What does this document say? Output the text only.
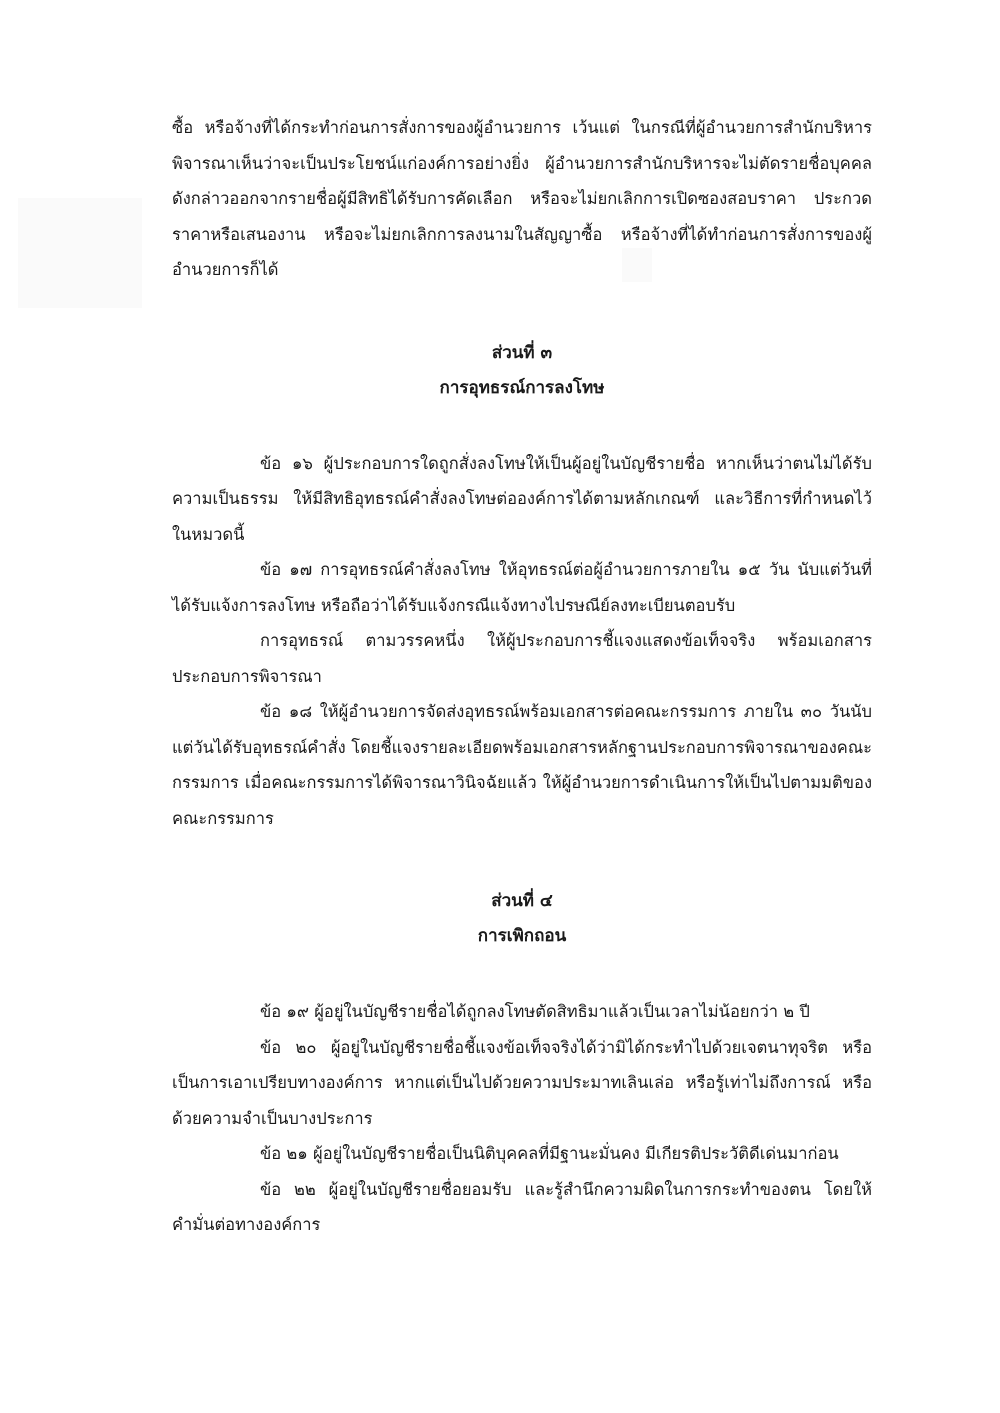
ซื้อ หรือจ้างที่ได้กระทำก่อนการสั่งการของผู้อำนวยการ เว้นแต่ ในกรณีที่ผู้อำนวยการสำนักบริหารพิจารณาเห็นว่าจะเป็นประโยชน์แก่องค์การอย่างยิ่ง ผู้อำนวยการสำนักบริหารจะไม่ตัดรายชื่อบุคคลดังกล่าวออกจากรายชื่อผู้มีสิทธิได้รับการคัดเลือก หรือจะไม่ยกเลิกการเปิดซองสอบราคา ประกวดราคาหรือเสนองาน หรือจะไม่ยกเลิกการลงนามในสัญญาซื้อ หรือจ้างที่ได้ทำก่อนการสั่งการของผู้อำนวยการก็ได้

ส่วนที่ ๓

การอุทธรณ์การลงโทษ

ข้อ ๑๖ ผู้ประกอบการใดถูกสั่งลงโทษให้เป็นผู้อยู่ในบัญชีรายชื่อ หากเห็นว่าตนไม่ได้รับความเป็นธรรม ให้มีสิทธิอุทธรณ์คำสั่งลงโทษต่อองค์การได้ตามหลักเกณฑ์ และวิธีการที่กำหนดไว้ในหมวดนี้

ข้อ ๑๗ การอุทธรณ์คำสั่งลงโทษ ให้อุทธรณ์ต่อผู้อำนวยการภายใน ๑๕ วัน นับแต่วันที่ได้รับแจ้งการลงโทษ หรือถือว่าได้รับแจ้งกรณีแจ้งทางไปรษณีย์ลงทะเบียนตอบรับ

การอุทธรณ์ ตามวรรคหนึ่ง ให้ผู้ประกอบการชี้แจงแสดงข้อเท็จจริง พร้อมเอกสารประกอบการพิจารณา

ข้อ ๑๘ ให้ผู้อำนวยการจัดส่งอุทธรณ์พร้อมเอกสารต่อคณะกรรมการ ภายใน ๓๐ วันนับแต่วันได้รับอุทธรณ์คำสั่ง โดยชี้แจงรายละเอียดพร้อมเอกสารหลักฐานประกอบการพิจารณาของคณะกรรมการ เมื่อคณะกรรมการได้พิจารณาวินิจฉัยแล้ว ให้ผู้อำนวยการดำเนินการให้เป็นไปตามมติของคณะกรรมการ

ส่วนที่ ๔

การเพิกถอน

ข้อ ๑๙ ผู้อยู่ในบัญชีรายชื่อได้ถูกลงโทษตัดสิทธิมาแล้วเป็นเวลาไม่น้อยกว่า ๒ ปี

ข้อ ๒๐ ผู้อยู่ในบัญชีรายชื่อชี้แจงข้อเท็จจริงได้ว่ามิได้กระทำไปด้วยเจตนาทุจริต หรือเป็นการเอาเปรียบทางองค์การ หากแต่เป็นไปด้วยความประมาทเลินเล่อ หรือรู้เท่าไม่ถึงการณ์ หรือด้วยความจำเป็นบางประการ

ข้อ ๒๑ ผู้อยู่ในบัญชีรายชื่อเป็นนิติบุคคลที่มีฐานะมั่นคง มีเกียรติประวัติดีเด่นมาก่อน

ข้อ ๒๒ ผู้อยู่ในบัญชีรายชื่อยอมรับ และรู้สำนึกความผิดในการกระทำของตน โดยให้คำมั่นต่อทางองค์การ
